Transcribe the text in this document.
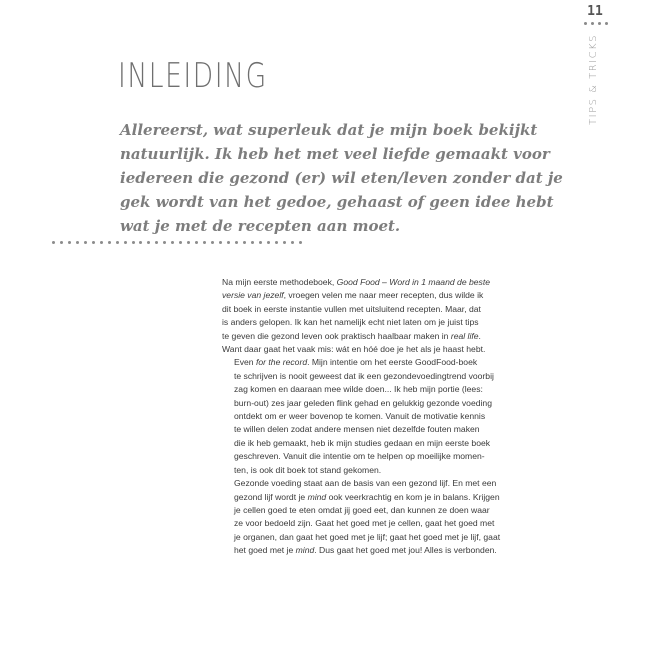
11
TIPS & TRICKS
INLEIDING
Allereerst, wat superleuk dat je mijn boek bekijkt
natuurlijk. Ik heb het met veel liefde gemaakt voor
iedereen die gezond (er) wil eten/leven zonder dat je
gek wordt van het gedoe, gehaast of geen idee hebt
wat je met de recepten aan moet.

Na mijn eerste methodeboek, Good Food – Word in 1 maand de beste
versie van jezelf, vroegen velen me naar meer recepten, dus wilde ik
dit boek in eerste instantie vullen met uitsluitend recepten. Maar, dat
is anders gelopen. Ik kan het namelijk echt niet laten om je juist tips
te geven die gezond leven ook praktisch haalbaar maken in real life.
Want daar gaat het vaak mis: wát en hóé doe je het als je haast hebt.

Even for the record. Mijn intentie om het eerste GoodFood-boek
te schrijven is nooit geweest dat ik een gezondevoedingtrend voorbij
zag komen en daaraan mee wilde doen... Ik heb mijn portie (lees:
burn-out) zes jaar geleden flink gehad en gelukkig gezonde voeding
ontdekt om er weer bovenop te komen. Vanuit de motivatie kennis
te willen delen zodat andere mensen niet dezelfde fouten maken
die ik heb gemaakt, heb ik mijn studies gedaan en mijn eerste boek
geschreven. Vanuit die intentie om te helpen op moeilijke momen-
ten, is ook dit boek tot stand gekomen.

Gezonde voeding staat aan de basis van een gezond lijf. En met een
gezond lijf wordt je mind ook veerkrachtig en kom je in balans. Krijgen
je cellen goed te eten omdat jij goed eet, dan kunnen ze doen waar
ze voor bedoeld zijn. Gaat het goed met je cellen, gaat het goed met
je organen, dan gaat het goed met je lijf; gaat het goed met je lijf, gaat
het goed met je mind. Dus gaat het goed met jou! Alles is verbonden.
